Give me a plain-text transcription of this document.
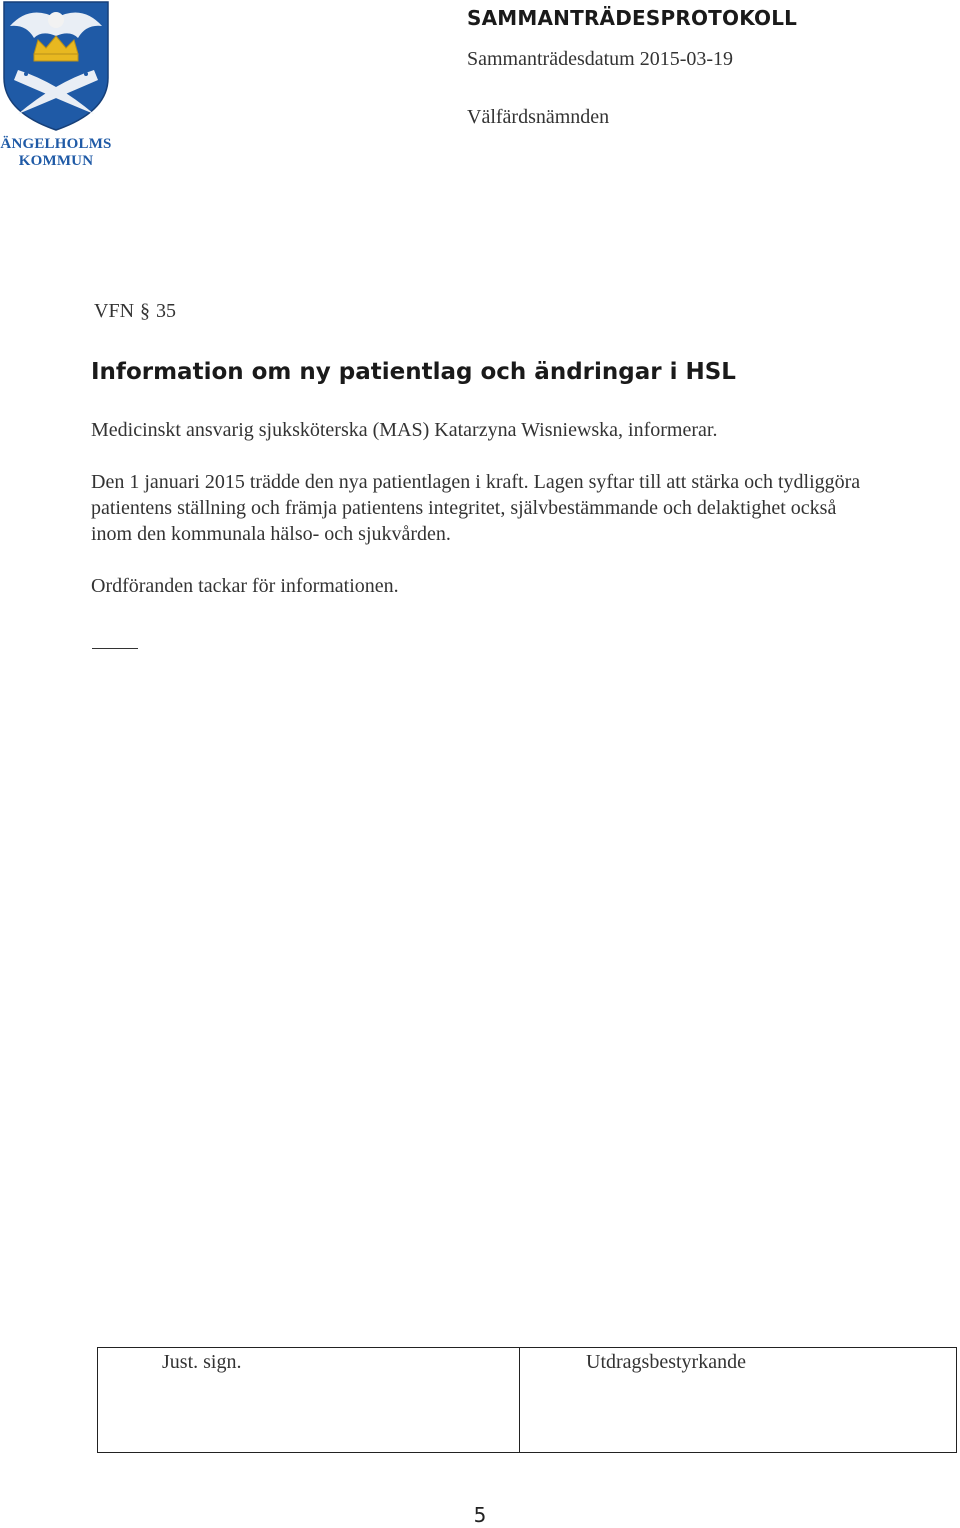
ÄNGELHOLMS
KOMMUN
SAMMANTRÄDESPROTOKOLL
Sammanträdesdatum 2015-03-19
Välfärdsnämnden
VFN § 35
Information om ny patientlag och ändringar i HSL

Medicinskt ansvarig sjuksköterska (MAS) Katarzyna Wisniewska, informerar.

Den 1 januari 2015 trädde den nya patientlagen i kraft. Lagen syftar till att stärka och tydliggöra patientens ställning och främja patientens integritet, självbestämmande och delaktighet också inom den kommunala hälso- och sjukvården.

Ordföranden tackar för informationen.

Just. sign.	Utdragsbestyrkande
5
